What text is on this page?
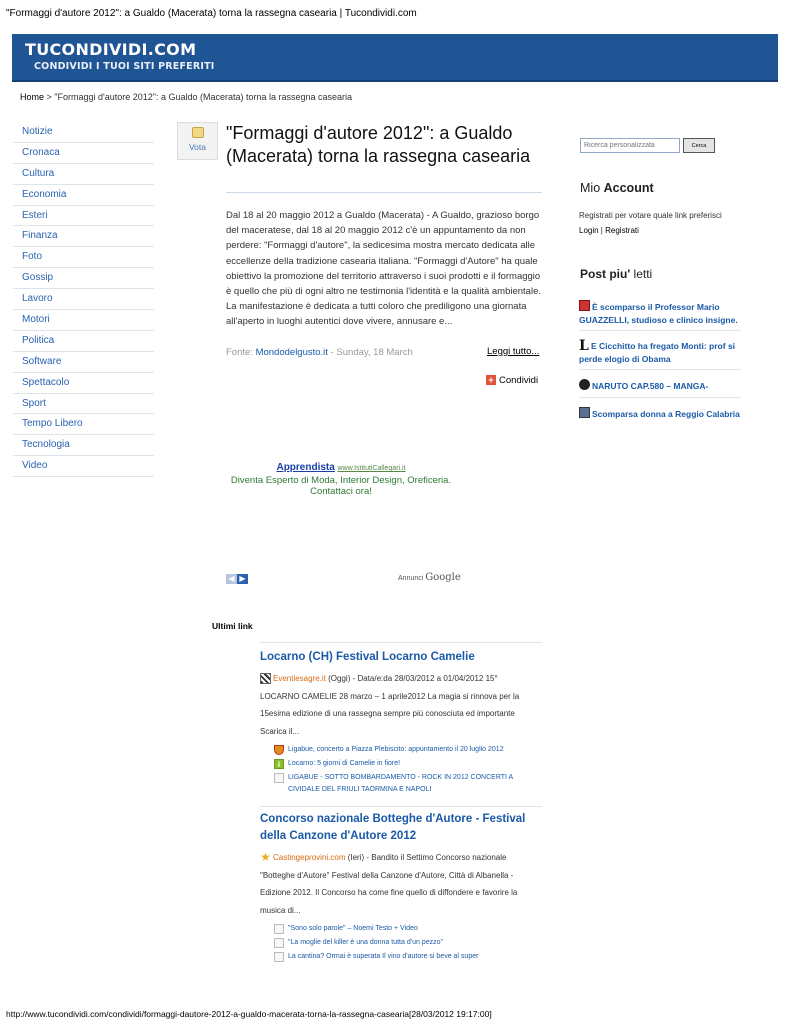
"Formaggi d'autore 2012": a Gualdo (Macerata) torna la rassegna casearia | Tucondividi.com
TUCONDIVIDI.COM
CONDIVIDI I TUOI SITI PREFERITI
Home > "Formaggi d'autore 2012": a Gualdo (Macerata) torna la rassegna casearia
Notizie
Cronaca
Cultura
Economia
Esteri
Finanza
Foto
Gossip
Lavoro
Motori
Politica
Software
Spettacolo
Sport
Tempo Libero
Tecnologia
Video
Vota
"Formaggi d'autore 2012": a Gualdo (Macerata) torna la rassegna casearia

Dal 18 al 20 maggio 2012 a Gualdo (Macerata) - A Gualdo, grazioso borgo del maceratese, dal 18 al 20 maggio 2012 c'è un appuntamento da non perdere: "Formaggi d'autore", la sedicesima mostra mercato dedicata alle eccellenze della tradizione casearia italiana. "Formaggi d'Autore" ha quale obiettivo la promozione del territorio attraverso i suoi prodotti e il formaggio è quello che più di ogni altro ne testimonia l'identità e la qualità ambientale. La manifestazione è dedicata a tutti coloro che prediligono una giornata all'aperto in luoghi autentici dove vivere, annusare e...

Fonte: Mondodelgusto.it - Sunday, 18 March	Leggi tutto...
+ Condividi
Apprendista www.IstitutiCallegari.it
Diventa Esperto di Moda, Interior Design, Oreficeria. Contattaci ora!
◀ ▶	Annunci Google
Ultimi link
Locarno (CH) Festival Locarno Camelie
Eventiesagre.it (Oggi) - Data/e:da 28/03/2012 a 01/04/2012 15°
LOCARNO CAMELIE 28 marzo – 1 aprile2012 La magia si rinnova per la 15esima edizione di una rassegna sempre più conosciuta ed importante Scarica il...
Ligabue, concerto a Piazza Plebiscito: appuntamento il 20 luglio 2012
i	Locarno: 5 giorni di Camelie in fiore!
LIGABUE - SOTTO BOMBARDAMENTO - ROCK IN 2012 CONCERTI A CIVIDALE DEL FRIULI TAORMINA E NAPOLI
Concorso nazionale Botteghe d'Autore - Festival della Canzone d'Autore 2012
★ Castingeprovini.com (Ieri) - Bandito il Settimo Concorso nazionale
"Botteghe d'Autore" Festival della Canzone d'Autore, Città di Albanella - Edizione 2012. Il Concorso ha come fine quello di diffondere e favorire la musica di...
"Sono solo parole" – Noemi Testo + Video
"La moglie del killer è una donna tutta d'un pezzo"
La cantina? Ormai è superata Il vino d'autore si beve al super
Ricerca personalizzataCerca
Mio Account
Registrati per votare quale link preferisci
Login | Registrati
Post piu' letti
È scomparso il Professor Mario GUAZZELLI, studioso e clinico insigne.
L E Cicchitto ha fregato Monti: prof si perde elogio di Obama
NARUTO CAP.580 – MANGA-
Scomparsa donna a Reggio Calabria
http://www.tucondividi.com/condividi/formaggi-dautore-2012-a-gualdo-macerata-torna-la-rassegna-casearia[28/03/2012 19:17:00]
